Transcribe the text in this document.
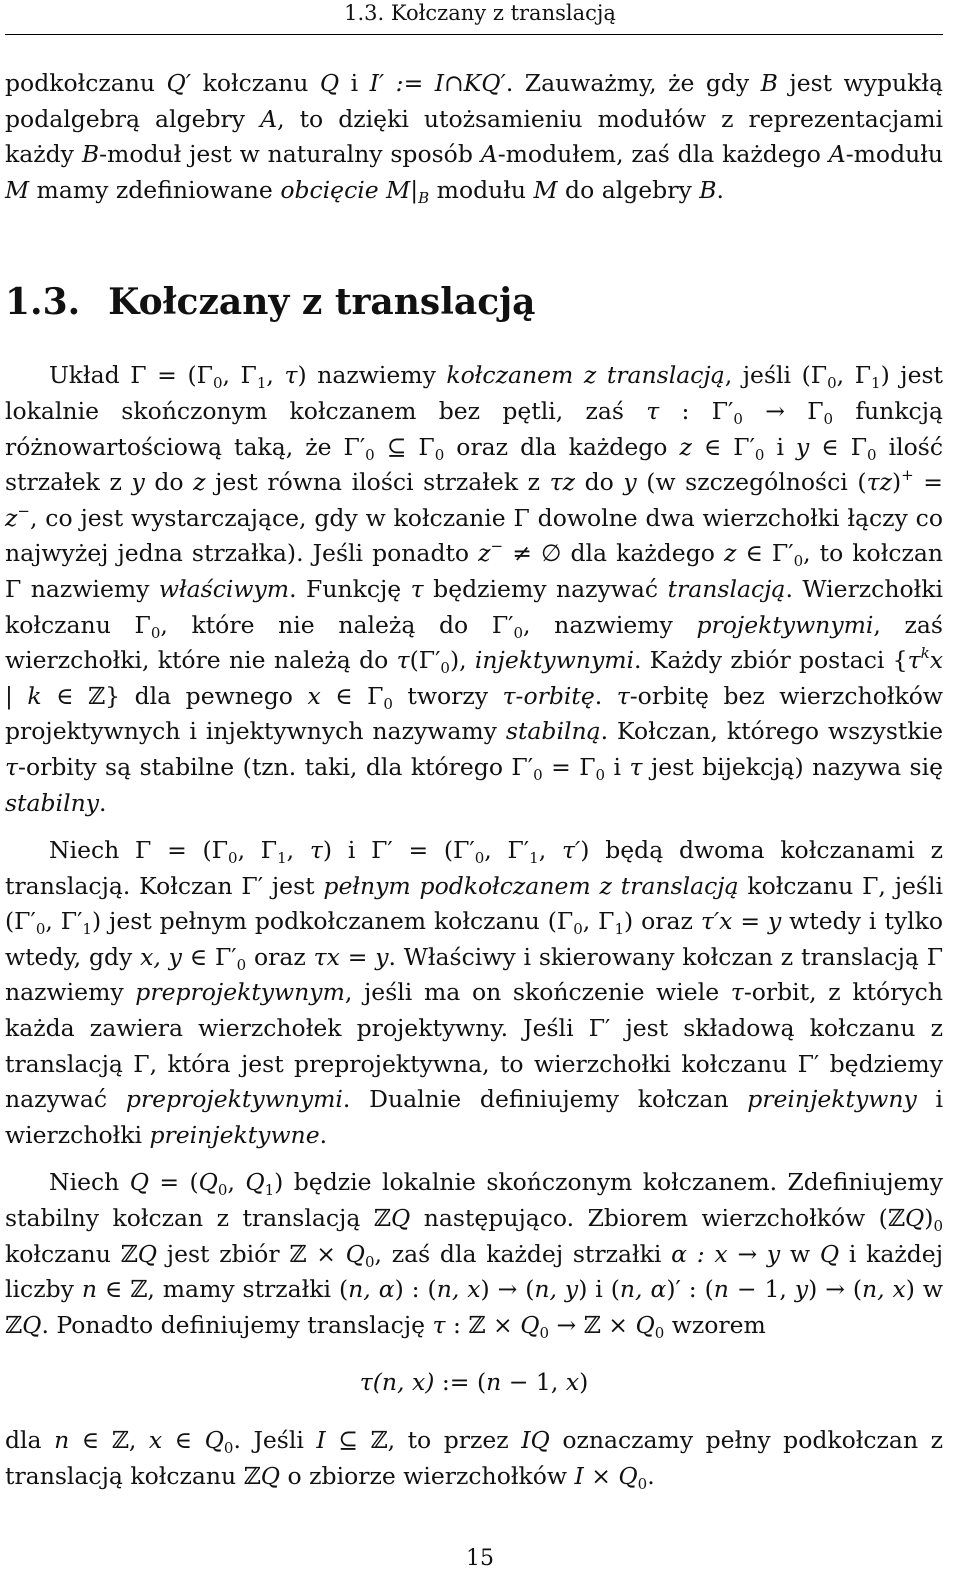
1.3. Kołczany z translacją

podkołczanu Q′ kołczanu Q i I′ := I∩KQ′. Zauważmy, że gdy B jest wypukłą podalgebrą algebry A, to dzięki utożsamieniu modułów z reprezentacjami każdy B-moduł jest w naturalny sposób A-modułem, zaś dla każdego A-modułu M mamy zdefiniowane obcięcie $M|_B$ modułu M do algebry B.

1.3. Kołczany z translacją

Układ $\Gamma = (\Gamma_0$, $\Gamma_1$, τ) nazwiemy kołczanem z translacją, jeśli ($\Gamma_0$, $\Gamma_1$) jest lokalnie skończonym kołczanem bez pętli, zaś τ : $\Gamma'_0 \to \Gamma_0$ funkcją różnowartościową taką, że $\Gamma'_0$ ⊆ $\Gamma_0$ oraz dla każdego z ∈ $\Gamma'_0$ i y ∈ $\Gamma_0$ ilość strzałek z y do z jest równa ilości strzałek z τz do y (w szczególności (τz)+ = z−, co jest wystarczające, gdy w kołczanie Γ dowolne dwa wierzchołki łączy co najwyżej jedna strzałka). Jeśli ponadto z− ≠ ∅ dla każdego z ∈ $\Gamma'_0$, to kołczan Γ nazwiemy właściwym. Funkcję τ będziemy nazywać translacją. Wierzchołki kołczanu $\Gamma_0$, które nie należą do $\Gamma'_0$, nazwiemy projektywnymi, zaś wierzchołki, które nie należą do $\tau(\Gamma'_0)$, injektywnymi. Każdy zbiór postaci {$\tau^kx$ | k ∈ ℤ} dla pewnego x ∈ $\Gamma_0$ tworzy τ-orbitę. τ-orbitę bez wierzchołków projektywnych i injektywnych nazywamy stabilną. Kołczan, którego wszystkie τ-orbity są stabilne (tzn. taki, dla którego $\Gamma'_0 = \Gamma_0$ i τ jest bijekcją) nazywa się stabilny.

Niech $\Gamma = (\Gamma_0$, $\Gamma_1$, τ) i $\Gamma' = (\Gamma'_0$, $\Gamma'_1$, τ′) będą dwoma kołczanami z translacją. Kołczan Γ′ jest pełnym podkołczanem z translacją kołczanu Γ, jeśli ($\Gamma'_0$, $\Gamma'_1$) jest pełnym podkołczanem kołczanu ($\Gamma_0$, $\Gamma_1$) oraz τ′x = y wtedy i tylko wtedy, gdy x, y ∈ $\Gamma'_0$ oraz τx = y. Właściwy i skierowany kołczan z translacją Γ nazwiemy preprojektywnym, jeśli ma on skończenie wiele τ-orbit, z których każda zawiera wierzchołek projektywny. Jeśli Γ′ jest składową kołczanu z translacją Γ, która jest preprojektywna, to wierzchołki kołczanu Γ′ będziemy nazywać preprojektywnymi. Dualnie definiujemy kołczan preinjektywny i wierzchołki preinjektywne.

Niech $Q = (Q_0$, $Q_1$) będzie lokalnie skończonym kołczanem. Zdefiniujemy stabilny kołczan z translacją ℤQ następująco. Zbiorem wierzchołków $(ℤQ)_0$ kołczanu ℤQ jest zbiór ℤ × $Q_0$, zaś dla każdej strzałki α : x → y w Q i każdej liczby n ∈ ℤ, mamy strzałki (n, α) : (n, x) → (n, y) i (n, α)′ : (n − 1, y) → (n, x) w ℤQ. Ponadto definiujemy translację τ : ℤ × $Q_0$ → ℤ × $Q_0$ wzorem

τ(n, x) := (n − 1, x)

dla n ∈ ℤ, x ∈ $Q_0$. Jeśli I ⊆ ℤ, to przez IQ oznaczamy pełny podkołczan z translacją kołczanu ℤQ o zbiorze wierzchołków $I \times Q_0$.

15
